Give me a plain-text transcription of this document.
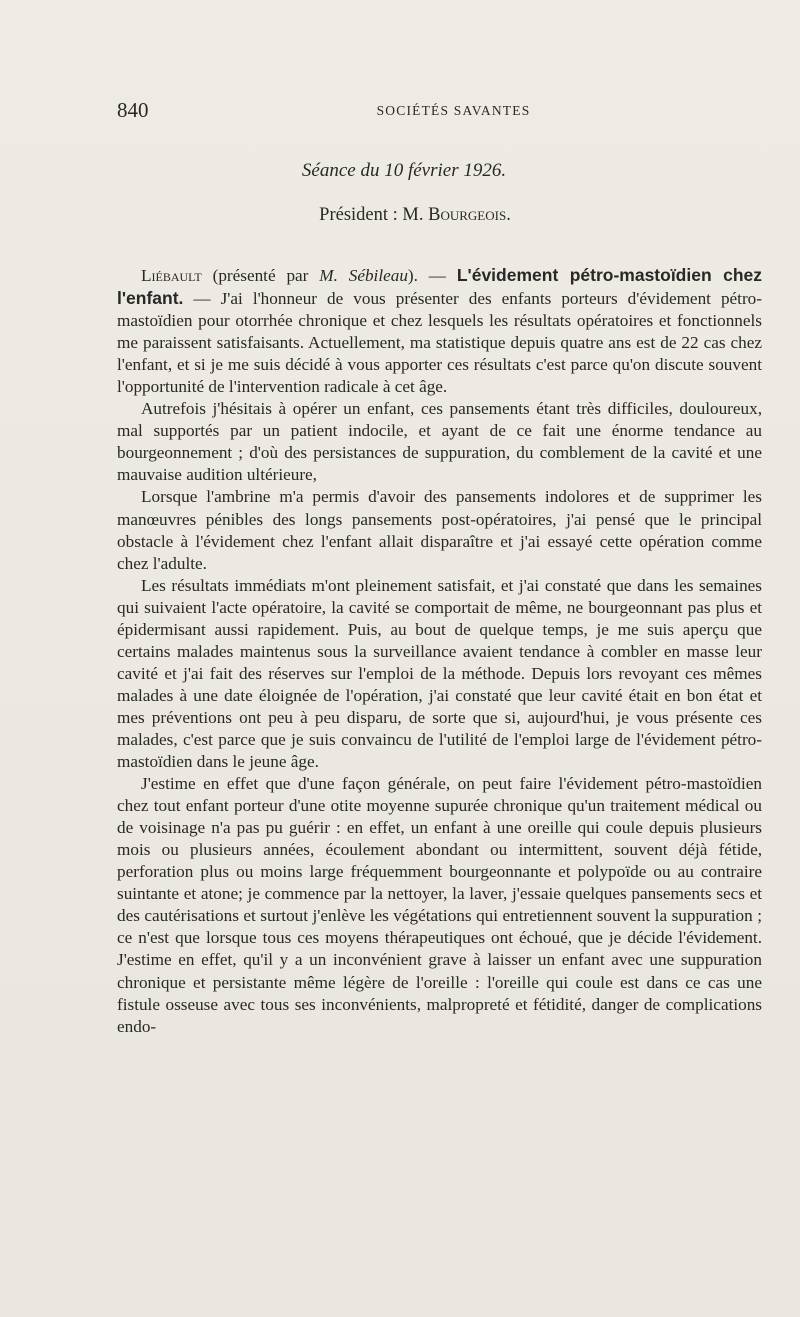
840	SOCIÉTÉS SAVANTES
Séance du 10 février 1926.
Président : M. Bourgeois.

Liébault (présenté par M. Sébileau). — L'évidement pétro-mastoïdien chez l'enfant. — J'ai l'honneur de vous présenter des enfants porteurs d'évidement pétro-mastoïdien pour otorrhée chronique et chez lesquels les résultats opératoires et fonctionnels me paraissent satisfaisants. Actuellement, ma statistique depuis quatre ans est de 22 cas chez l'enfant, et si je me suis décidé à vous apporter ces résultats c'est parce qu'on discute souvent l'opportunité de l'intervention radicale à cet âge.

Autrefois j'hésitais à opérer un enfant, ces pansements étant très difficiles, douloureux, mal supportés par un patient indocile, et ayant de ce fait une énorme tendance au bourgeonnement ; d'où des persistances de suppuration, du comblement de la cavité et une mauvaise audition ultérieure,

Lorsque l'ambrine m'a permis d'avoir des pansements indolores et de supprimer les manœuvres pénibles des longs pansements post-opératoires, j'ai pensé que le principal obstacle à l'évidement chez l'enfant allait disparaître et j'ai essayé cette opération comme chez l'adulte.

Les résultats immédiats m'ont pleinement satisfait, et j'ai constaté que dans les semaines qui suivaient l'acte opératoire, la cavité se comportait de même, ne bourgeonnant pas plus et épidermisant aussi rapidement. Puis, au bout de quelque temps, je me suis aperçu que certains malades maintenus sous la surveillance avaient tendance à combler en masse leur cavité et j'ai fait des réserves sur l'emploi de la méthode. Depuis lors revoyant ces mêmes malades à une date éloignée de l'opération, j'ai constaté que leur cavité était en bon état et mes préventions ont peu à peu disparu, de sorte que si, aujourd'hui, je vous présente ces malades, c'est parce que je suis convaincu de l'utilité de l'emploi large de l'évidement pétro-mastoïdien dans le jeune âge.

J'estime en effet que d'une façon générale, on peut faire l'évidement pétro-mastoïdien chez tout enfant porteur d'une otite moyenne supurée chronique qu'un traitement médical ou de voisinage n'a pas pu guérir : en effet, un enfant à une oreille qui coule depuis plusieurs mois ou plusieurs années, écoulement abondant ou intermittent, souvent déjà fétide, perforation plus ou moins large fréquemment bourgeonnante et polypoïde ou au contraire suintante et atone; je commence par la nettoyer, la laver, j'essaie quelques pansements secs et des cautérisations et surtout j'enlève les végétations qui entretiennent souvent la suppuration ; ce n'est que lorsque tous ces moyens thérapeutiques ont échoué, que je décide l'évidement. J'estime en effet, qu'il y a un inconvénient grave à laisser un enfant avec une suppuration chronique et persistante même légère de l'oreille : l'oreille qui coule est dans ce cas une fistule osseuse avec tous ses inconvénients, malpropreté et fétidité, danger de complications endo-
